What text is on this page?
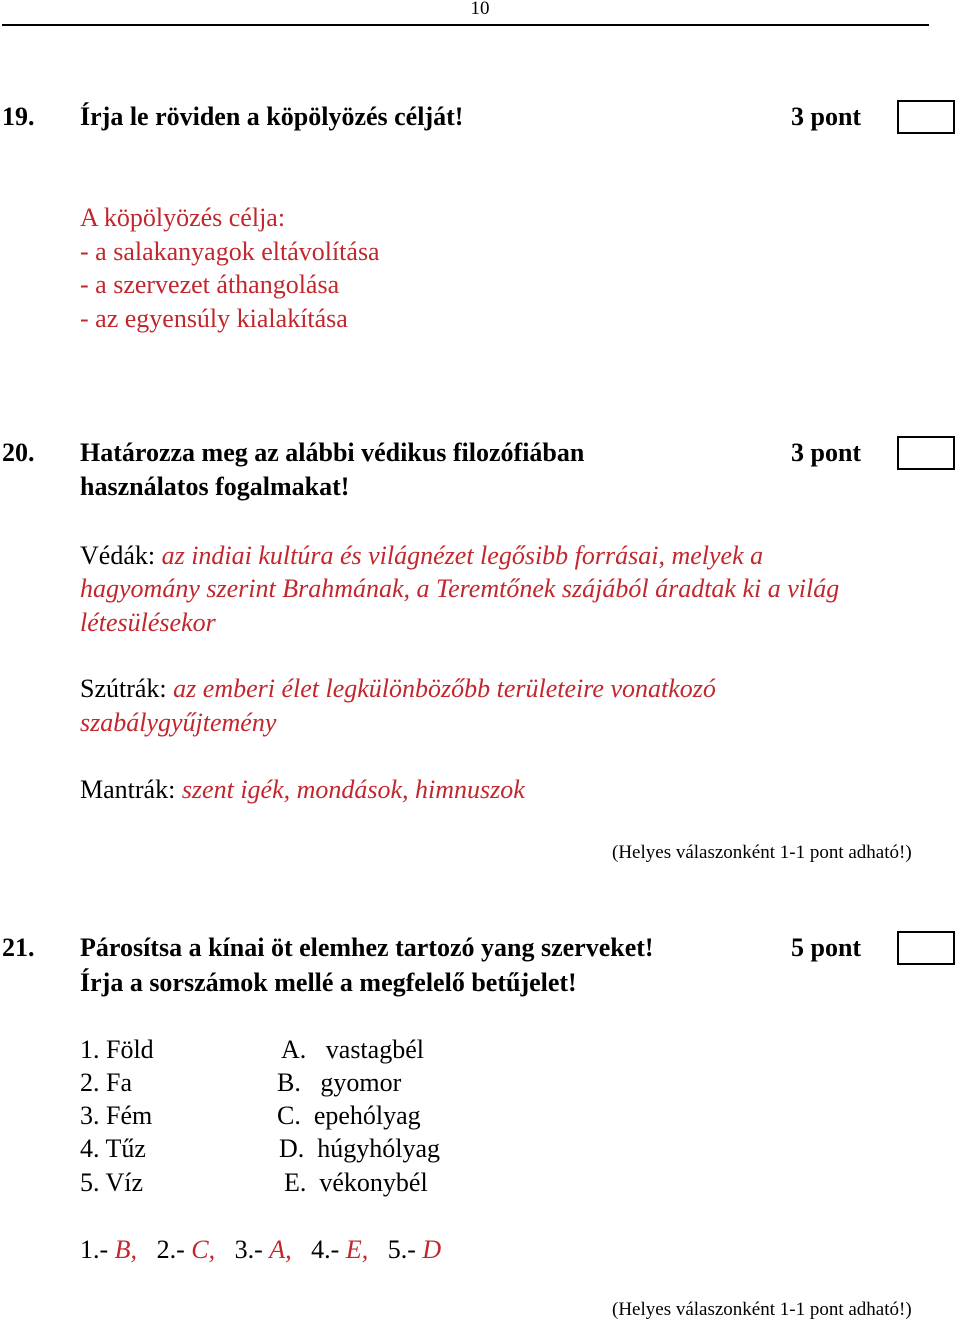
10
19. Írja le röviden a köpölyözés célját!	3 pont
A köpölyözés célja:
- a salakanyagok eltávolítása
- a szervezet áthangolása
- az egyensúly kialakítása
20. Határozza meg az alábbi védikus filozófiában
használatos fogalmakat!
3 pont
Védák: az indiai kultúra és világnézet legősibb forrásai, melyek a
hagyomány szerint Brahmának, a Teremtőnek szájából áradtak ki a világ
létesülésekor
Szútrák: az emberi élet legkülönbözőbb területeire vonatkozó
szabálygyűjtemény
Mantrák: szent igék, mondások, himnuszok
(Helyes válaszonként 1-1 pont adható!)
21. Párosítsa a kínai öt elemhez tartozó yang szerveket!
Írja a sorszámok mellé a megfelelő betűjelet!
5 pont
1. Föld
2. Fa
3. Fém
4. Tűz
5. Víz
A.   vastagbél
B.   gyomor
C.  epehólyag
D.  húgyhólyag
E.  vékonybél
1.- B, 2.- C, 3.- A, 4.- E, 5.- D
(Helyes válaszonként 1-1 pont adható!)
